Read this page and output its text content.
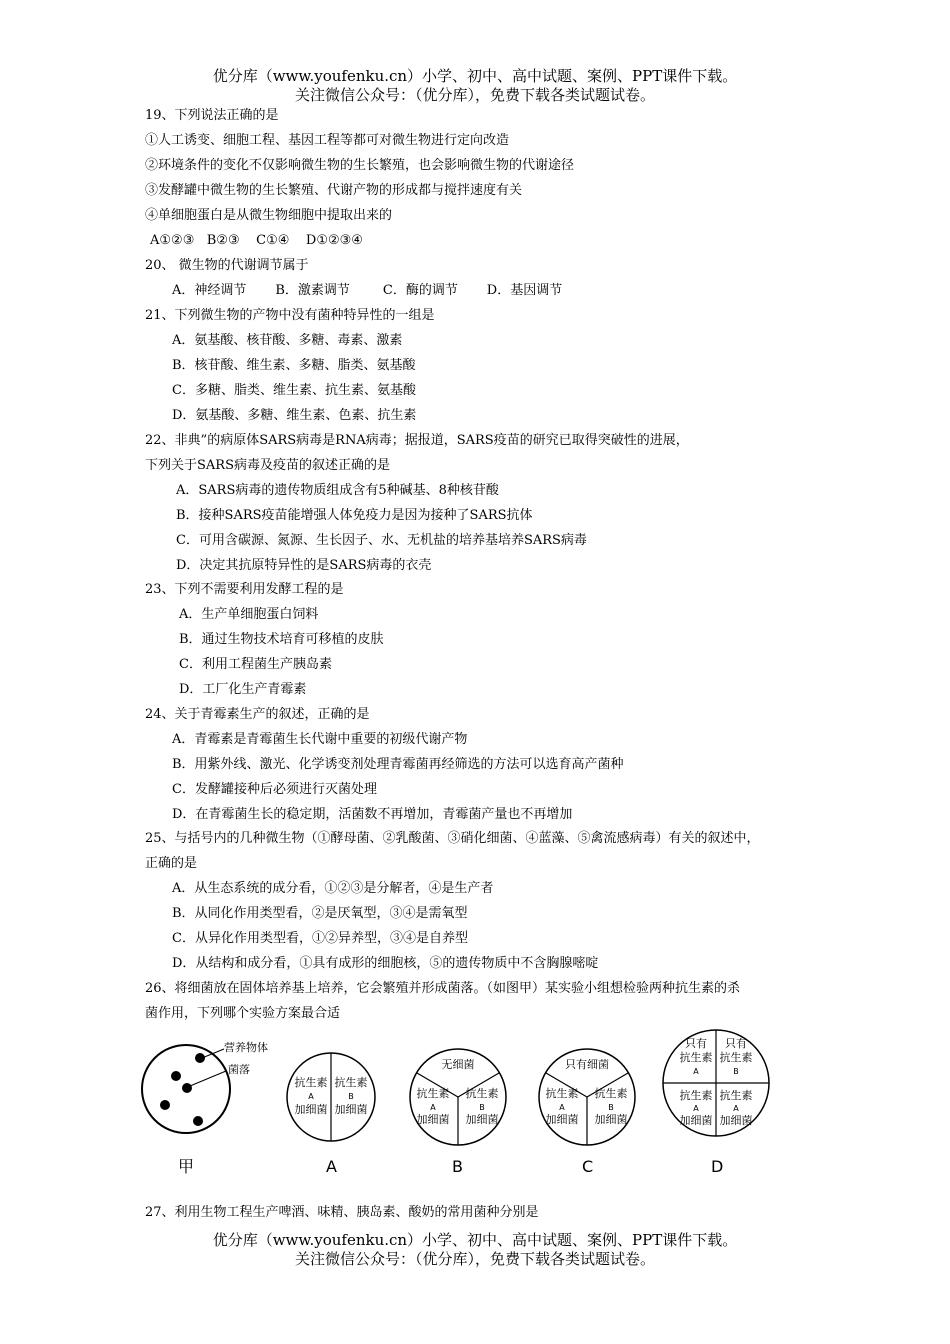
优分库（www.youfenku.cn）小学、初中、高中试题、案例、PPT课件下载。
关注微信公众号：（优分库），免费下载各类试题试卷。
19、下列说法正确的是
①人工诱变、细胞工程、基因工程等都可对微生物进行定向改造
②环境条件的变化不仅影响微生物的生长繁殖，也会影响微生物的代谢途径
③发酵罐中微生物的生长繁殖、代谢产物的形成都与搅拌速度有关
④单细胞蛋白是从微生物细胞中提取出来的
A①②③   B②③    C①④    D①②③④
20、 微生物的代谢调节属于
A．神经调节       B．激素调节        C．酶的调节       D．基因调节
21、下列微生物的产物中没有菌种特异性的一组是
A．氨基酸、核苷酸、多糖、毒素、激素
B．核苷酸、维生素、多糖、脂类、氨基酸
C．多糖、脂类、维生素、抗生素、氨基酸
D．氨基酸、多糖、维生素、色素、抗生素
22、非典”的病原体SARS病毒是RNA病毒；据报道，SARS疫苗的研究已取得突破性的进展，
下列关于SARS病毒及疫苗的叙述正确的是
A．SARS病毒的遗传物质组成含有5种碱基、8种核苷酸
B．接种SARS疫苗能增强人体免疫力是因为接种了SARS抗体
C．可用含碳源、氮源、生长因子、水、无机盐的培养基培养SARS病毒
D．决定其抗原特异性的是SARS病毒的衣壳
23、下列不需要利用发酵工程的是
A．生产单细胞蛋白饲料
B．通过生物技术培育可移植的皮肤
C．利用工程菌生产胰岛素
D．工厂化生产青霉素
24、关于青霉素生产的叙述，正确的是
A．青霉素是青霉菌生长代谢中重要的初级代谢产物
B．用紫外线、激光、化学诱变剂处理青霉菌再经筛选的方法可以选育高产菌种
C．发酵罐接种后必须进行灭菌处理
D．在青霉菌生长的稳定期，活菌数不再增加，青霉菌产量也不再增加
25、与括号内的几种微生物（①酵母菌、②乳酸菌、③硝化细菌、④蓝藻、⑤禽流感病毒）有关的叙述中，
正确的是
A．从生态系统的成分看，①②③是分解者，④是生产者
B．从同化作用类型看，②是厌氧型，③④是需氧型
C．从异化作用类型看，①②异养型，③④是自养型
D．从结构和成分看，①具有成形的细胞核，⑤的遗传物质中不含胸腺嘧啶
26、将细菌放在固体培养基上培养，它会繁殖并形成菌落。（如图甲）某实验小组想检验两种抗生素的杀
菌作用，下列哪个实验方案最合适
营养物体
菌落
甲
抗生素
A
加细菌
抗生素
B
加细菌
A
无细菌
抗生素
A
加细菌
抗生素
B
加细菌
B
只有细菌
抗生素
A
加细菌
抗生素
B
加细菌
C
只有
抗生素
A
只有
抗生素
B
抗生素
A
加细菌
抗生素
A
加细菌
D
27、利用生物工程生产啤酒、味精、胰岛素、酸奶的常用菌种分别是
优分库（www.youfenku.cn）小学、初中、高中试题、案例、PPT课件下载。
关注微信公众号：（优分库），免费下载各类试题试卷。
